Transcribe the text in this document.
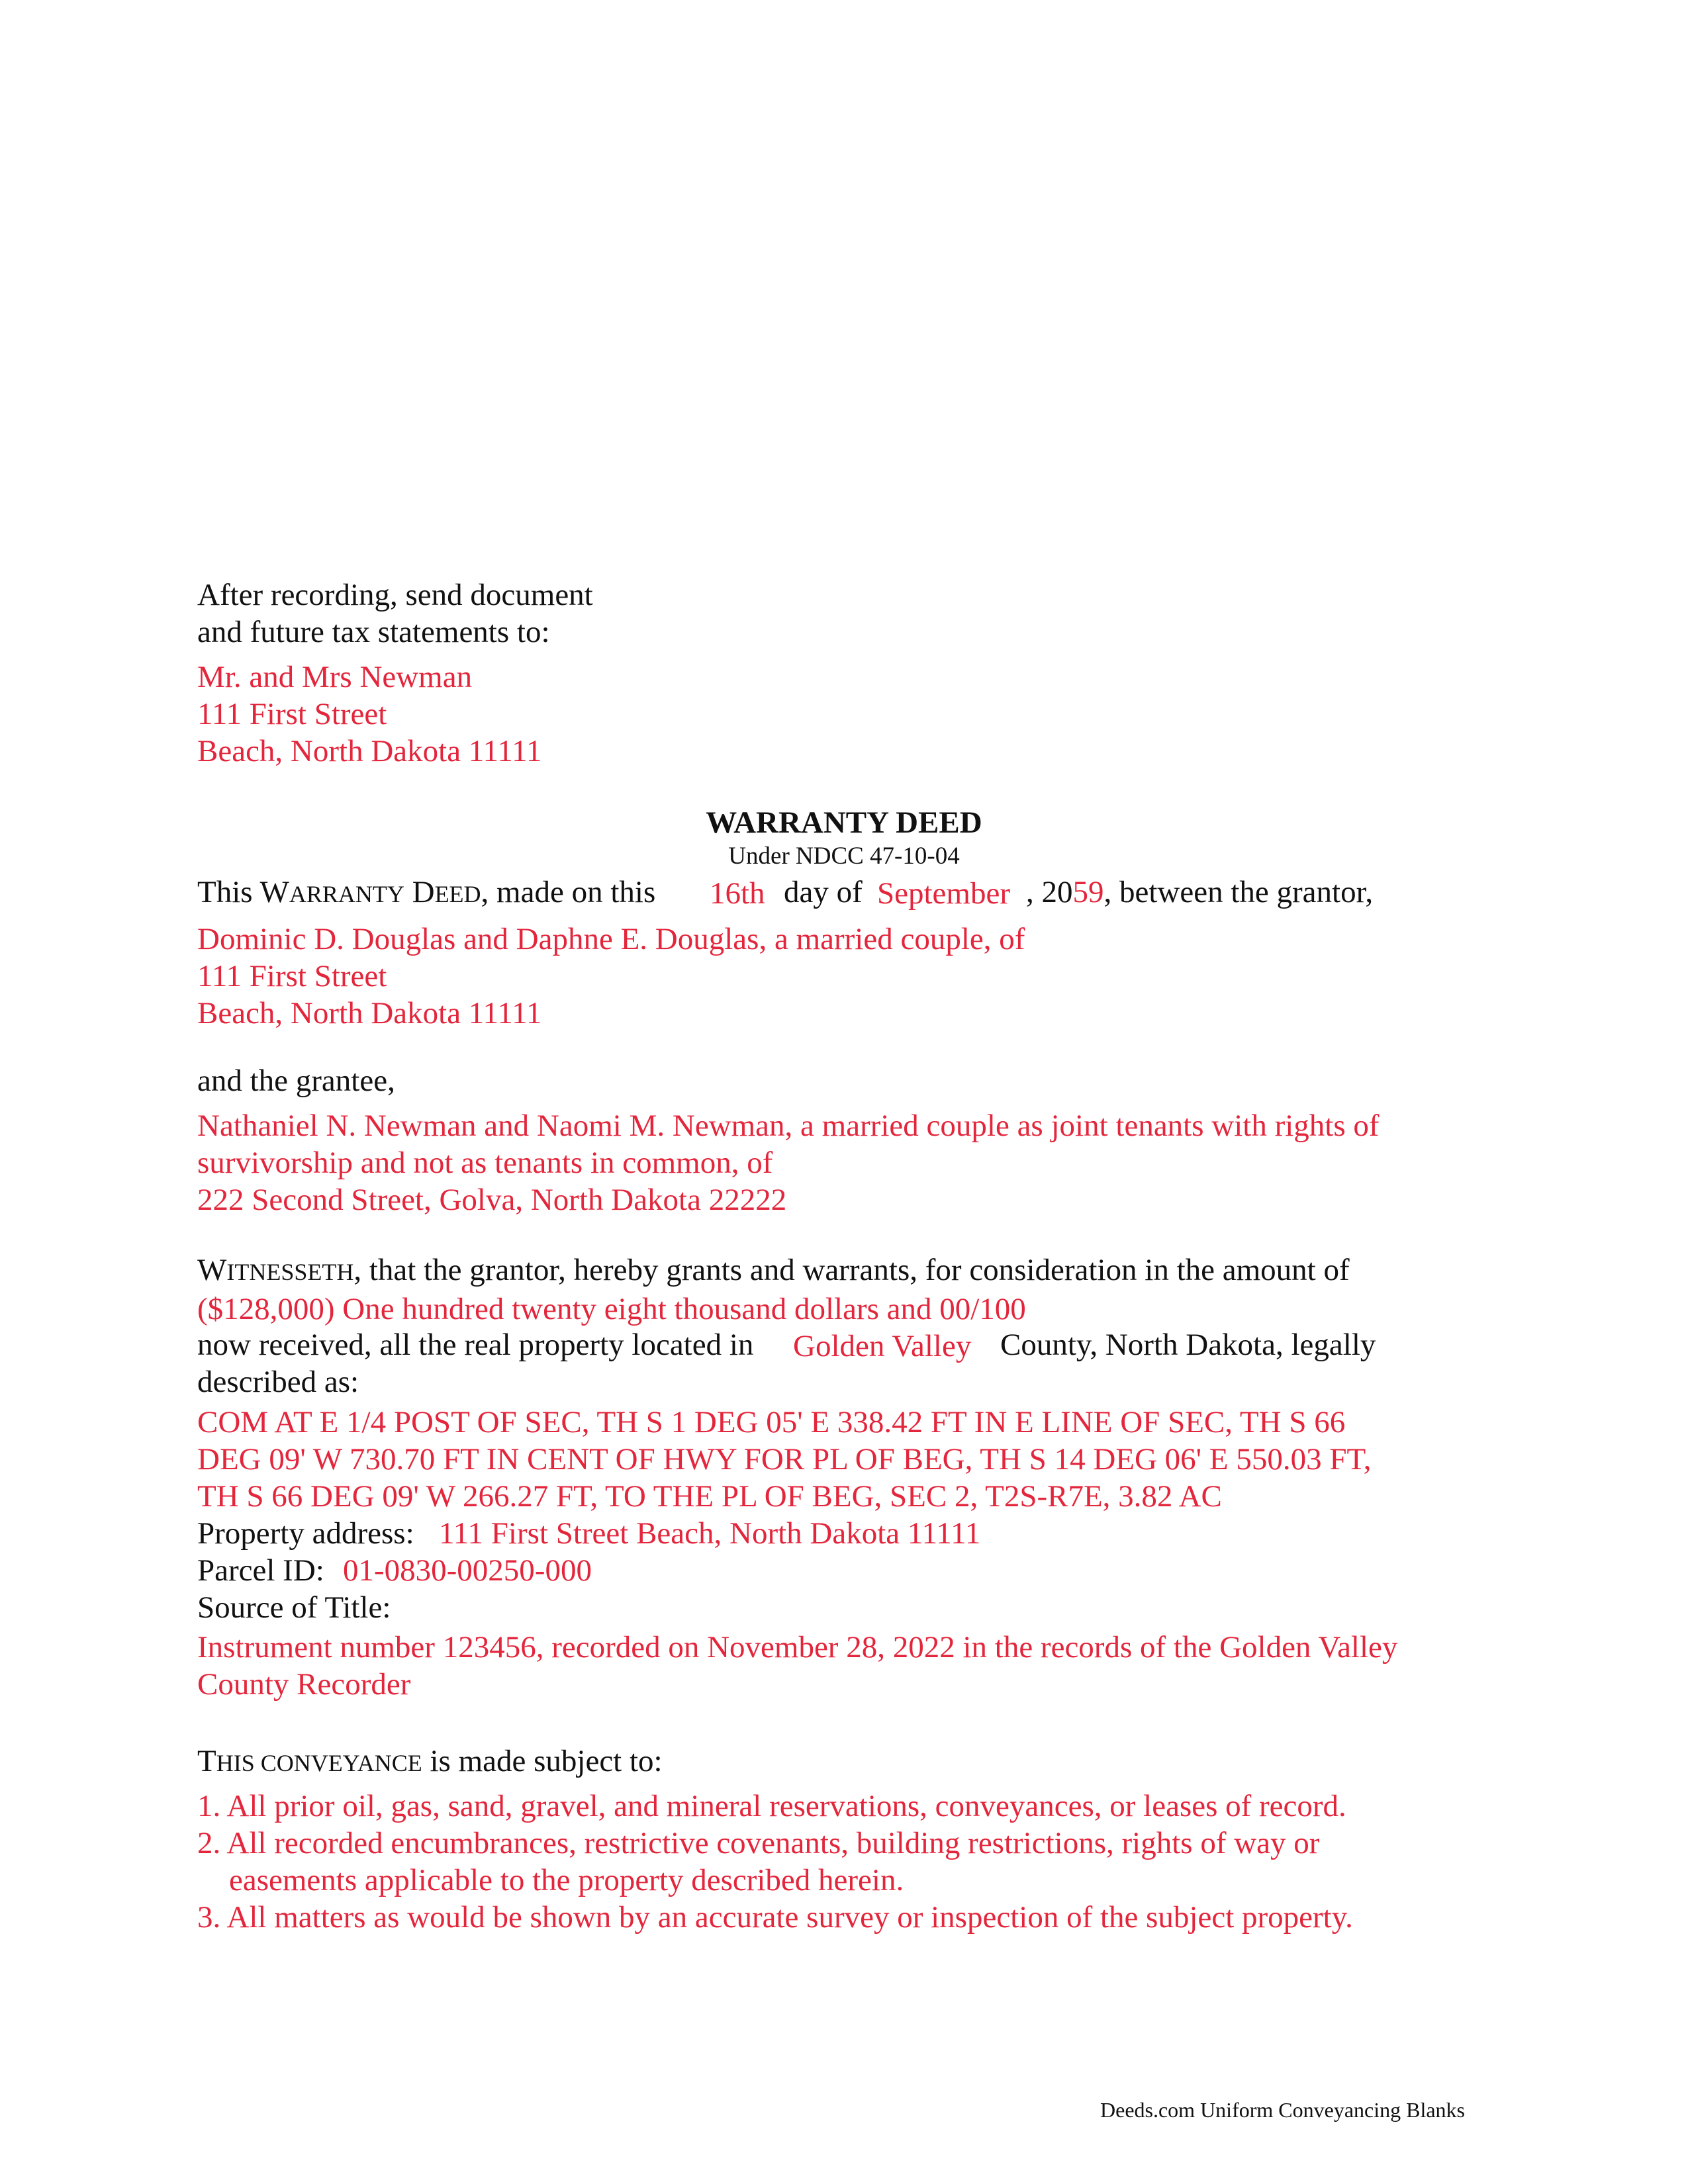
After recording, send document
and future tax statements to:
Mr. and Mrs Newman
111 First Street
Beach, North Dakota 11111
WARRANTY DEED
Under NDCC 47-10-04
This WARRANTY DEED, made on this 16th day of September , 2059, between the grantor,
Dominic D. Douglas and Daphne E. Douglas, a married couple, of
111 First Street
Beach, North Dakota 11111
and the grantee,
Nathaniel N. Newman and Naomi M. Newman, a married couple as joint tenants with rights of
survivorship and not as tenants in common, of
222 Second Street, Golva, North Dakota 22222
WITNESSETH, that the grantor, hereby grants and warrants, for consideration in the amount of
($128,000) One hundred twenty eight thousand dollars and 00/100
now received, all the real property located in Golden Valley County, North Dakota, legally
described as:
COM AT E 1/4 POST OF SEC, TH S 1 DEG 05' E 338.42 FT IN E LINE OF SEC, TH S 66
DEG 09' W 730.70 FT IN CENT OF HWY FOR PL OF BEG, TH S 14 DEG 06' E 550.03 FT,
TH S 66 DEG 09' W 266.27 FT, TO THE PL OF BEG, SEC 2, T2S-R7E, 3.82 AC
Property address: 111 First Street Beach, North Dakota 11111
Parcel ID: 01-0830-00250-000
Source of Title:
Instrument number 123456, recorded on November 28, 2022 in the records of the Golden Valley
County Recorder
THIS CONVEYANCE is made subject to:
1. All prior oil, gas, sand, gravel, and mineral reservations, conveyances, or leases of record.
2. All recorded encumbrances, restrictive covenants, building restrictions, rights of way or
easements applicable to the property described herein.
3. All matters as would be shown by an accurate survey or inspection of the subject property.
Deeds.com Uniform Conveyancing Blanks
